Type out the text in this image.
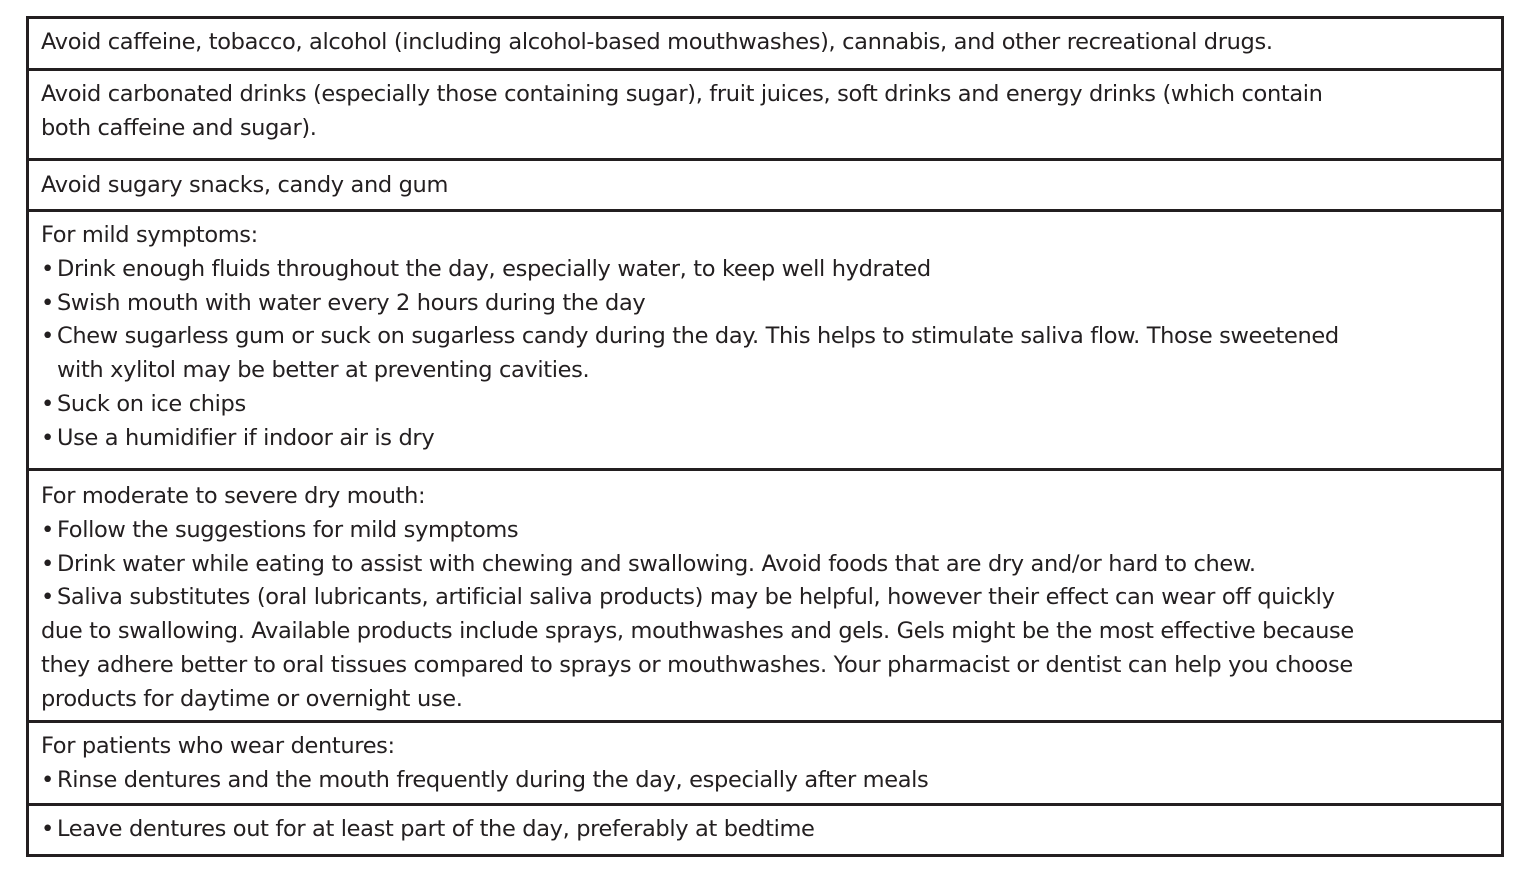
Avoid caffeine, tobacco, alcohol (including alcohol-based mouthwashes), cannabis, and other recreational drugs.
Avoid carbonated drinks (especially those containing sugar), fruit juices, soft drinks and energy drinks (which contain
both caffeine and sugar).
Avoid sugary snacks, candy and gum
For mild symptoms:
• Drink enough fluids throughout the day, especially water, to keep well hydrated
• Swish mouth with water every 2 hours during the day
• Chew sugarless gum or suck on sugarless candy during the day. This helps to stimulate saliva flow. Those sweetened
with xylitol may be better at preventing cavities.
• Suck on ice chips
• Use a humidifier if indoor air is dry
For moderate to severe dry mouth:
• Follow the suggestions for mild symptoms
• Drink water while eating to assist with chewing and swallowing. Avoid foods that are dry and/or hard to chew.
• Saliva substitutes (oral lubricants, artificial saliva products) may be helpful, however their effect can wear off quickly
due to swallowing. Available products include sprays, mouthwashes and gels. Gels might be the most effective because
they adhere better to oral tissues compared to sprays or mouthwashes. Your pharmacist or dentist can help you choose
products for daytime or overnight use.
For patients who wear dentures:
• Rinse dentures and the mouth frequently during the day, especially after meals
• Leave dentures out for at least part of the day, preferably at bedtime
